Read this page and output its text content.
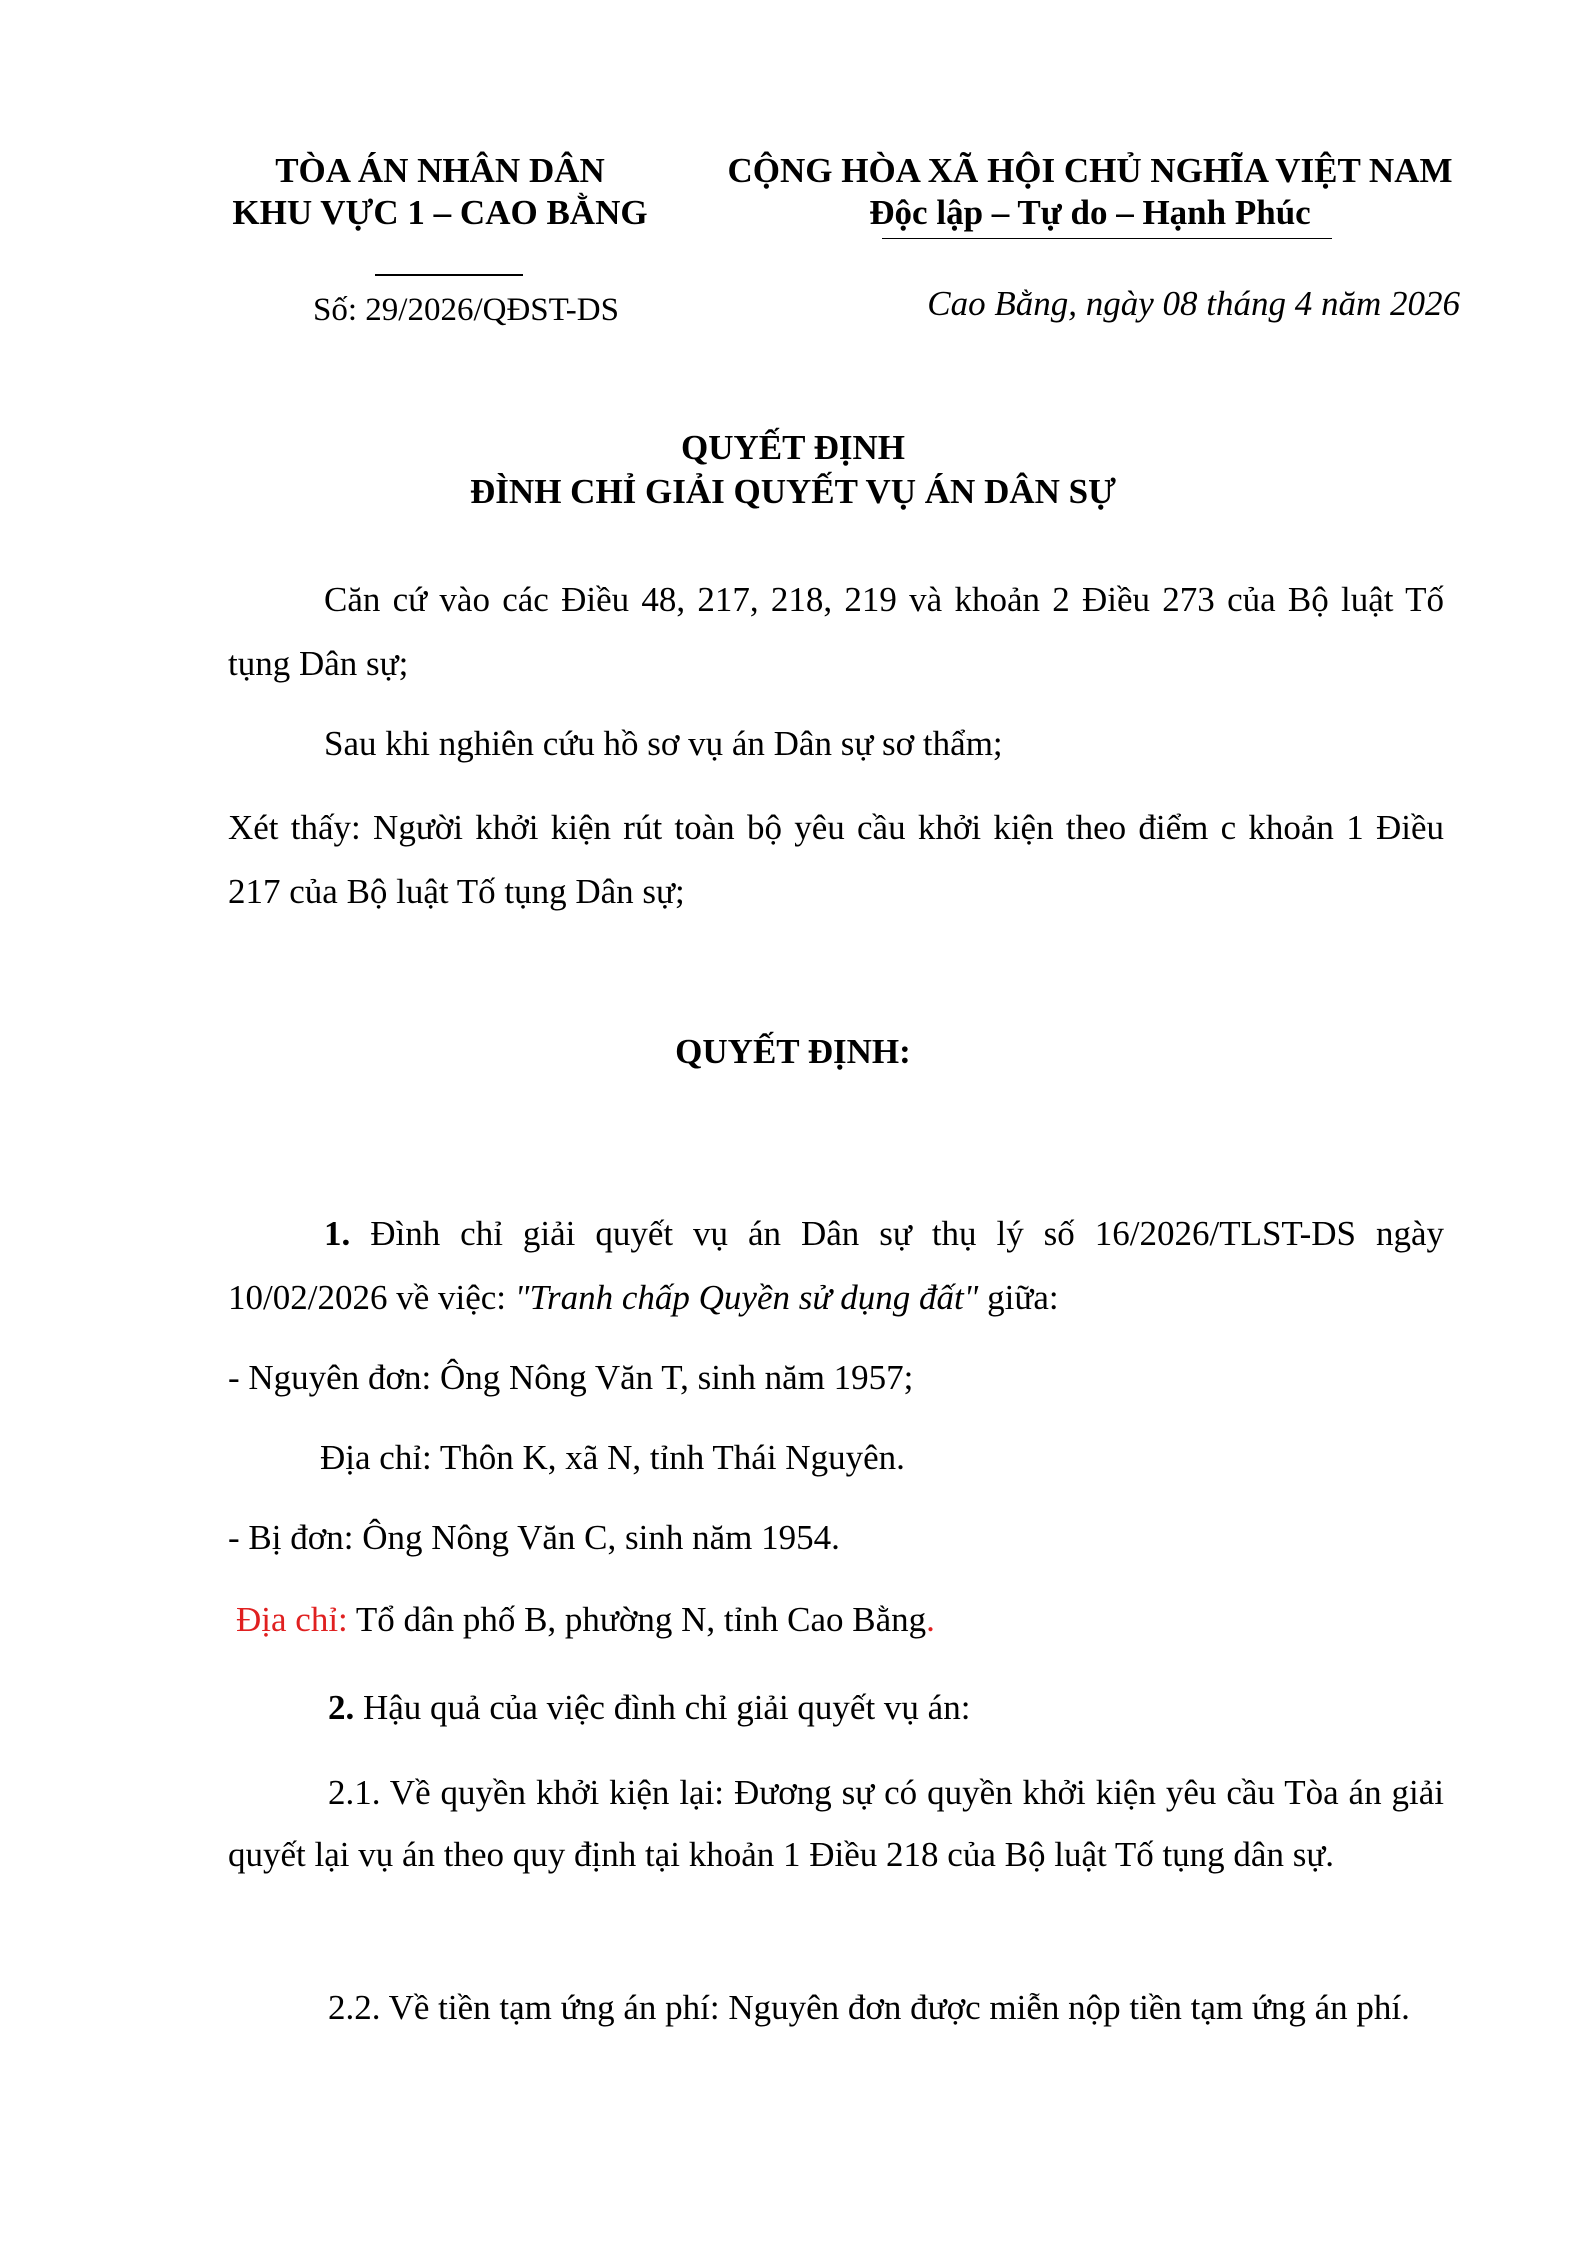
TÒA ÁN NHÂN DÂN
KHU VỰC 1 – CAO BẰNG
Số: 29/2026/QĐST-DS
CỘNG HÒA XÃ HỘI CHỦ NGHĨA VIỆT NAM
Độc lập – Tự do – Hạnh Phúc
Cao Bằng, ngày 08 tháng 4 năm 2026
QUYẾT ĐỊNH
ĐÌNH CHỈ GIẢI QUYẾT VỤ ÁN DÂN SỰ
Căn cứ vào các Điều 48, 217, 218, 219 và khoản 2 Điều 273 của Bộ luật Tố tụng Dân sự;
Sau khi nghiên cứu hồ sơ vụ án Dân sự sơ thẩm;
Xét thấy: Người khởi kiện rút toàn bộ yêu cầu khởi kiện theo điểm c khoản 1 Điều 217 của Bộ luật Tố tụng Dân sự;
QUYẾT ĐỊNH:
1. Đình chỉ giải quyết vụ án Dân sự thụ lý số 16/2026/TLST-DS ngày 10/02/2026 về việc: "Tranh chấp Quyền sử dụng đất" giữa:
- Nguyên đơn: Ông Nông Văn T, sinh năm 1957;
Địa chỉ: Thôn K, xã N, tỉnh Thái Nguyên.
- Bị đơn: Ông Nông Văn C, sinh năm 1954.
Địa chỉ: Tổ dân phố B, phường N, tỉnh Cao Bằng.
2. Hậu quả của việc đình chỉ giải quyết vụ án:
2.1. Về quyền khởi kiện lại: Đương sự có quyền khởi kiện yêu cầu Tòa án giải quyết lại vụ án theo quy định tại khoản 1 Điều 218 của Bộ luật Tố tụng dân sự.
2.2. Về tiền tạm ứng án phí: Nguyên đơn được miễn nộp tiền tạm ứng án phí.
